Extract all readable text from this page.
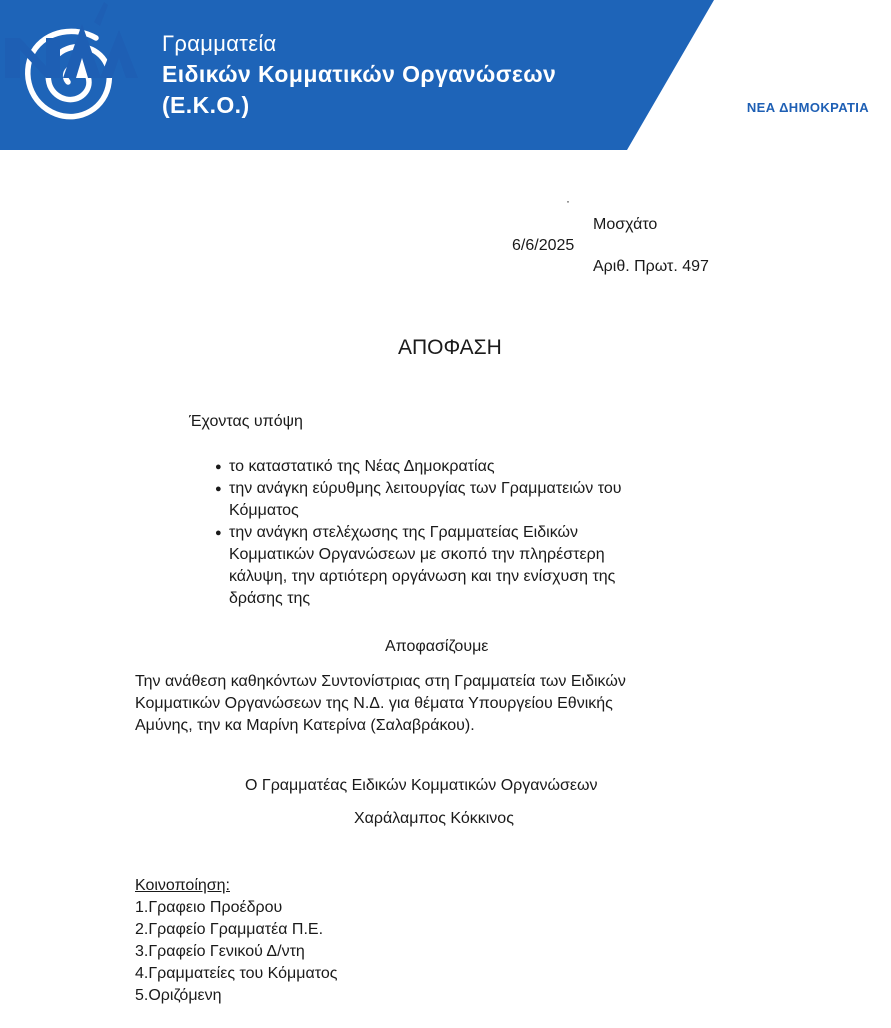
Γραμματεία
Ειδικών Κομματικών Οργανώσεων
(Ε.Κ.Ο.)	ΝΕΑ ΔΗΜΟΚΡΑΤΙΑ
·
Μοσχάτο
6/6/2025
Αριθ. Πρωτ. 497
ΑΠΟΦΑΣΗ
Έχοντας υπόψη
● το καταστατικό της Νέας Δημοκρατίας
● την ανάγκη εύρυθμης λειτουργίας των Γραμματειών του
Κόμματος
● την ανάγκη στελέχωσης της Γραμματείας Ειδικών
Κομματικών Οργανώσεων με σκοπό την πληρέστερη
κάλυψη, την αρτιότερη οργάνωση και την ενίσχυση της
δράσης της
Αποφασίζουμε
Την ανάθεση καθηκόντων Συντονίστριας στη Γραμματεία των Ειδικών
Κομματικών Οργανώσεων της Ν.Δ. για θέματα Υπουργείου Εθνικής
Αμύνης, την κα Μαρίνη Κατερίνα (Σαλαβράκου).
Ο Γραμματέας Ειδικών Κομματικών Οργανώσεων
Χαράλαμπος Κόκκινος
Κοινοποίηση:
1.Γραφειο Προέδρου
2.Γραφείο Γραμματέα Π.Ε.
3.Γραφείο Γενικού Δ/ντη
4.Γραμματείες του Κόμματος
5.Οριζόμενη
